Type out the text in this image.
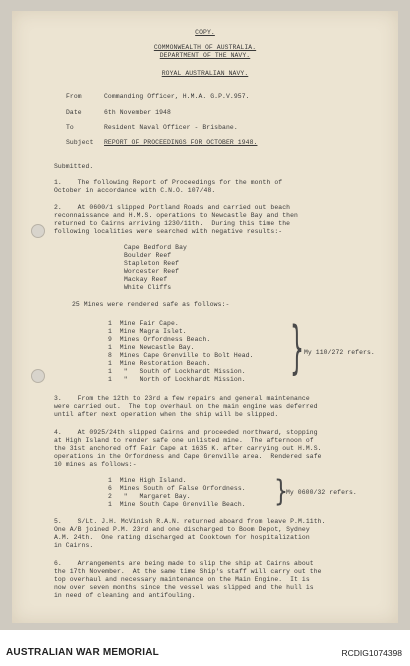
COPY.
COMMONWEALTH OF AUSTRALIA.
DEPARTMENT OF THE NAVY.
ROYAL AUSTRALIAN NAVY.
From	Commanding Officer, H.M.A. G.P.V.957.
Date	6th November 1948
To	Resident Naval Officer - Brisbane.
Subject REPORT OF PROCEEDINGS FOR OCTOBER 1948.
Submitted.
1.    The following Report of Proceedings for the month of
October in accordance with C.N.O. 107/48.
2.    At 0600/1 slipped Portland Roads and carried out beach
reconnaissance and H.M.S. operations to Newcastle Bay and then
returned to Cairns arriving 1230/11th.  During this time the
following localities were searched with negative results:-
Cape Bedford Bay
Boulder Reef
Stapleton Reef
Worcester Reef
Mackay Reef
White Cliffs
25 Mines were rendered safe as follows:-
1  Mine Fair Cape.
1  Mine Magra Islet.
9  Mines Orfordness Beach.
1  Mine Newcastle Bay.
8  Mines Cape Grenville to Bolt Head.
1  Mine Restoration Beach.
1   "   South of Lockhardt Mission.
1   "   North of Lockhardt Mission. } My 110/272 refers.
3.    From the 12th to 23rd a few repairs and general maintenance
were carried out.  The top overhaul on the main engine was deferred
until after next operation when the ship will be slipped.
4.    At 0925/24th slipped Cairns and proceeded northward, stopping
at High Island to render safe one unlisted mine.  The afternoon of
the 31st anchored off Fair Cape at 1635 K. after carrying out H.M.S.
operations in the Orfordness and Cape Grenville area.  Rendered safe
10 mines as follows:-
1  Mine High Island.
6  Mines South of False Orfordness.
2   "   Margaret Bay.
1  Mine South Cape Grenville Beach. }
My 0600/32 refers.
5.    S/Lt. J.H. McVinish R.A.N. returned aboard from leave P.M.11th.
One A/B joined P.M. 23rd and one discharged to Boom Depot, Sydney
A.M. 24th.  One rating discharged at Cooktown for hospitalization
in Cairns.
6.    Arrangements are being made to slip the ship at Cairns about
the 17th November.  At the same time Ship's staff will carry out the
top overhaul and necessary maintenance on the Main Engine.  It is
now over seven months since the vessel was slipped and the hull is
in need of cleaning and antifouling.
AUSTRALIAN WAR MEMORIAL	RCDIG1074398
